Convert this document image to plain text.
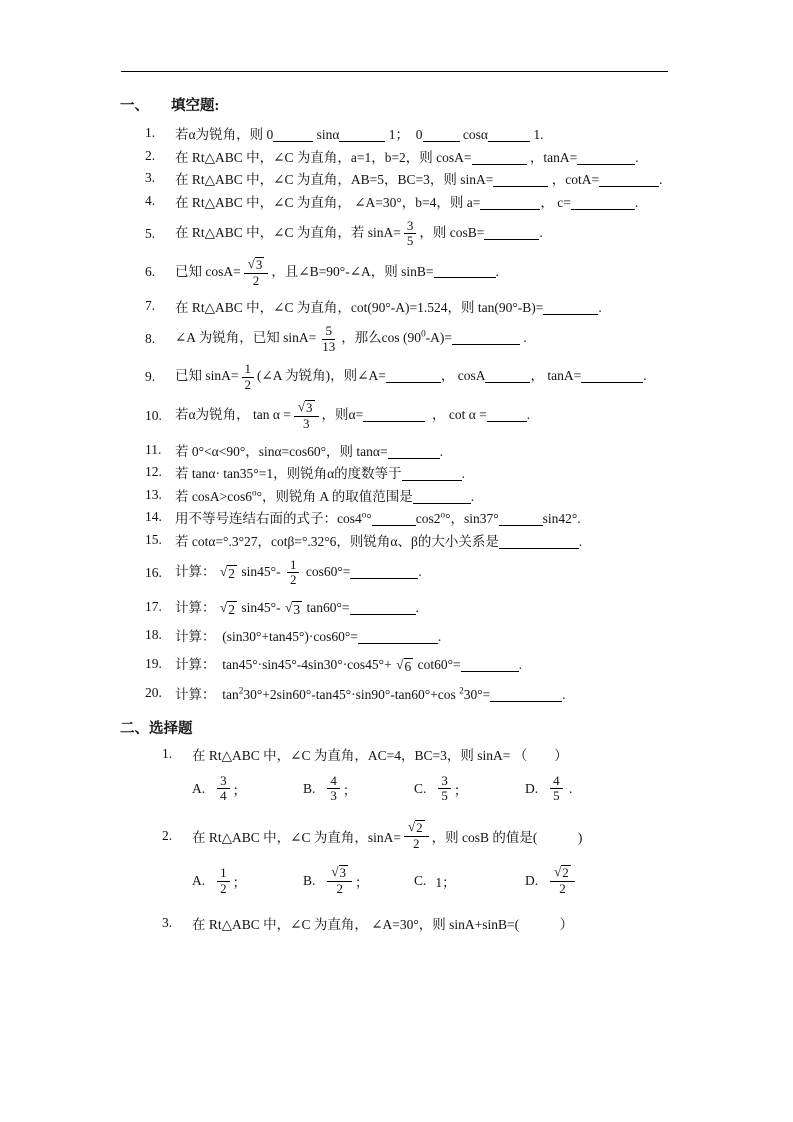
一、 填空题:
1.	若α为锐角，则 0	sinα	1；  0	cosα	1.
2.	在 Rt△ABC 中，∠C 为直角，a=1，b=2，则 cosA=	，tanA=	.
3.	在 Rt△ABC 中，∠C 为直角，AB=5，BC=3，则 sinA=	，cotA=	.
4.	在 Rt△ABC 中，∠C 为直角， ∠A=30°，b=4，则 a=	， c=	.
5.	在 Rt△ABC 中，∠C 为直角，若 $\sin A= \frac{3}{5}$ ，则 cosB=	.
6.	已知 $\cos A= \frac{√ 3}{2}$ ，且∠B=90°-∠A，则 sinB=	.
7.	在 Rt△ABC 中，∠C 为直角，cot(90°-A)=1.524，则 tan(90°-B)=	.
8.	∠A 为锐角，已知 $\sin A= \frac{5}{13}$ ，那么$\cos (90^0-A)=$	.
9.	已知 $\sin A= \frac{1}{2}$ (∠A 为锐角)，则∠A=	， cosA	， tanA=	.
10. 若α为锐角， $\tan \alpha = \frac{√ 3}{3}$ ，则α=	， cot α =	.
11.	若 0°<α<90°，sinα=cos60°，则 tanα=	.
12. 若 tanα· tan35°=1，则锐角α的度数等于	.
13. 若 $\cos A>\cos 6^o^\circ$，则锐角 A 的取值范围是	.
14. 用不等号连结右面的式子：cos4$^o$°	cos2$^o$°，sin37°	sin42°.
15. 若 cotα=°.3°27，cotβ=°.32°6，则锐角α、β的大小关系是	.
16. 计算： √ 2 $\sin 45^\circ- \frac{1}{2} \cos 60^\circ=$	.
17. 计算： √ 2 sin45°- √ 3 tan60°=	.
18. 计算：  (sin30°+tan45°)·cos60°=	.
19. 计算：  tan45°·sin45°-4sin30°·cos45°+ √ 6 cot60°=	.
20. 计算：  $\tan^230^\circ+2\sin 60^\circ-\tan 45^\circ\cdot\sin 90^\circ-\tan 60^\circ+\cos$ $^2$30°=	.
二、选择题
1.	在 Rt△ABC 中，∠C 为直角，AC=4，BC=3，则 sinA= （        ）
A. $\frac{3}{4}$ ；	B. $\frac{4}{3}$ ；	C. $\frac{3}{5}$ ；	D. $\frac{4}{5}$ .
2.	在 Rt△ABC 中，∠C 为直角，$\sin A= \frac{√ 2}{2}$ ，则 cosB 的值是(            )
A. $\frac{1}{2}$ ；	B. $\frac{√ 3}{2}$ ；	C. 1；	D. $\frac{√ 2}{2}$
3.	在 Rt△ABC 中，∠C 为直角， ∠A=30°，则 sinA+sinB=(            ）
